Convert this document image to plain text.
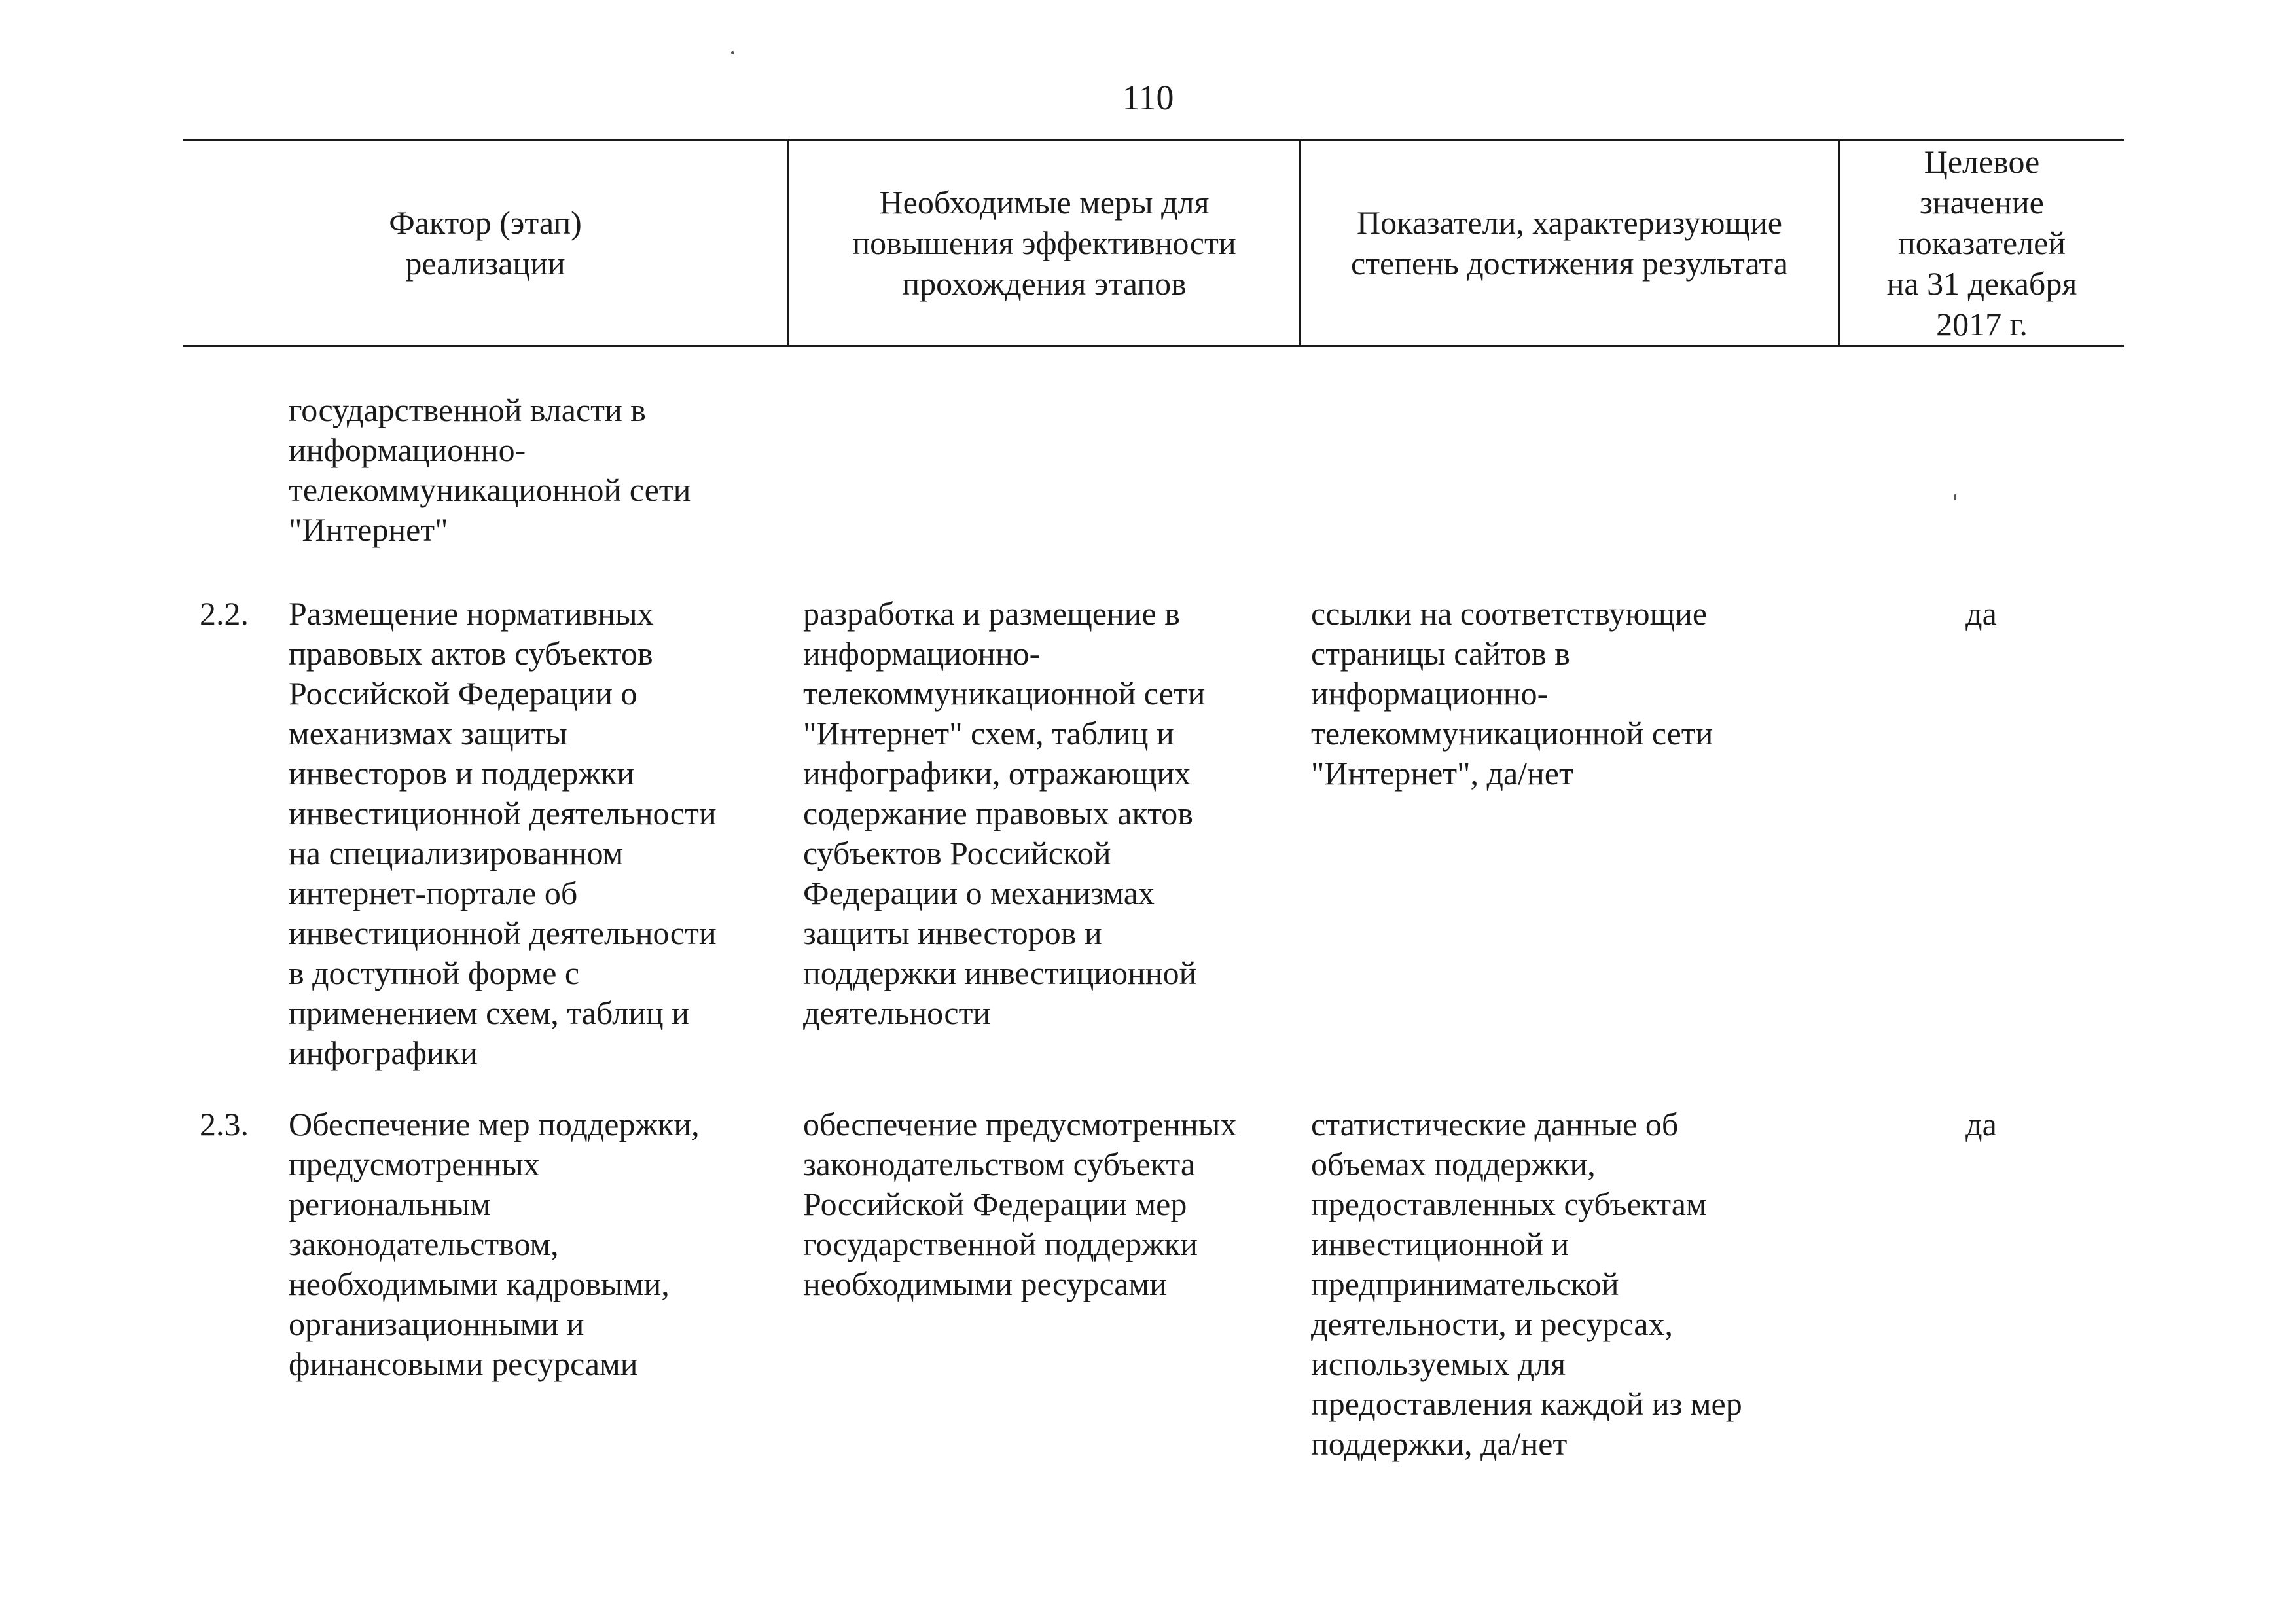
110
Фактор (этап)
реализации
Необходимые меры для
повышения эффективности
прохождения этапов
Показатели, характеризующие
степень достижения результата
Целевое
значение
показателей
на 31 декабря
2017 г.
государственной власти в
информационно-
телекоммуникационной сети
"Интернет"
2.2. Размещение нормативных
правовых актов субъектов
Российской Федерации о
механизмах защиты
инвесторов и поддержки
инвестиционной деятельности
на специализированном
интернет-портале об
инвестиционной деятельности
в доступной форме с
применением схем, таблиц и
инфографики
разработка и размещение в
информационно-
телекоммуникационной сети
"Интернет" схем, таблиц и
инфографики, отражающих
содержание правовых актов
субъектов Российской
Федерации о механизмах
защиты инвесторов и
поддержки инвестиционной
деятельности
ссылки на соответствующие
страницы сайтов в
информационно-
телекоммуникационной сети
"Интернет", да/нет
да
2.3. Обеспечение мер поддержки,
предусмотренных
региональным
законодательством,
необходимыми кадровыми,
организационными и
финансовыми ресурсами
обеспечение предусмотренных
законодательством субъекта
Российской Федерации мер
государственной поддержки
необходимыми ресурсами
статистические данные об
объемах поддержки,
предоставленных субъектам
инвестиционной и
предпринимательской
деятельности, и ресурсах,
используемых для
предоставления каждой из мер
поддержки, да/нет
да
